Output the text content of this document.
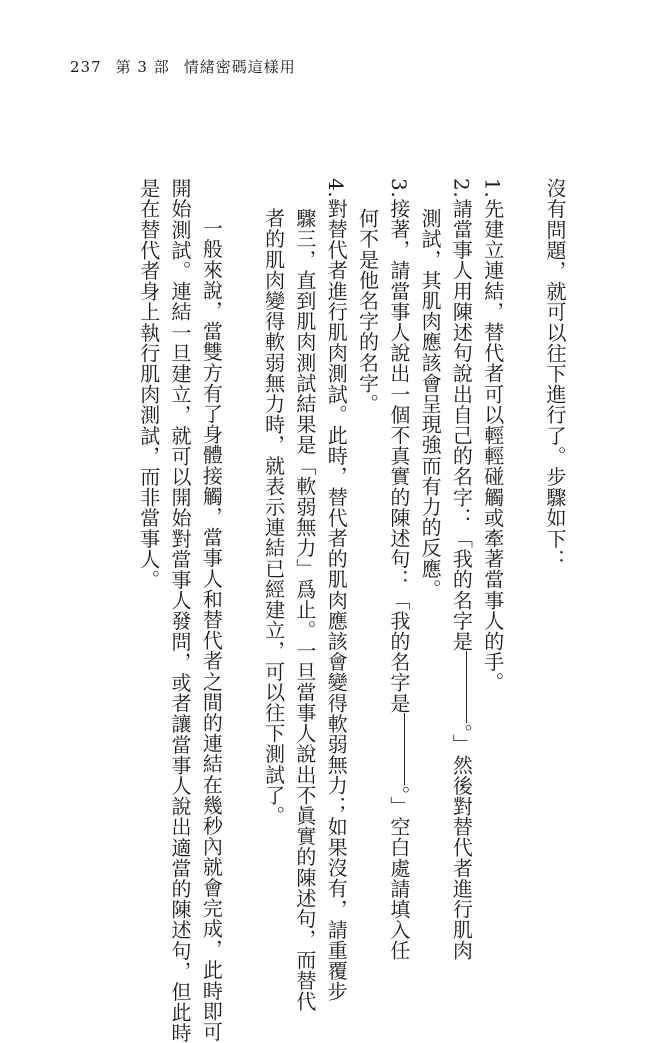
237 第 3 部 情緒密碼這樣用
沒有問題，就可以往下進行了。步驟如下：
1.先建立連結，替代者可以輕輕碰觸或牽著當事人的手。
2.請當事人用陳述句說出自己的名字：「我的名字是。」然後對替代者進行肌肉
測試，其肌肉應該會呈現強而有力的反應。
3.接著，請當事人說出一個不真實的陳述句：「我的名字是。」空白處請填入任
何不是他名字的名字。
4.對替代者進行肌肉測試。此時，替代者的肌肉應該會變得軟弱無力；如果沒有，請重覆步
驟三，直到肌肉測試結果是「軟弱無力」爲止。一旦當事人說出不眞實的陳述句，而替代
者的肌肉變得軟弱無力時，就表示連結已經建立，可以往下測試了。
一般來說，當雙方有了身體接觸，當事人和替代者之間的連結在幾秒內就會完成，此時即可
開始測試。連結一旦建立，就可以開始對當事人發問，或者讓當事人說出適當的陳述句，但此時
是在替代者身上執行肌肉測試，而非當事人。
